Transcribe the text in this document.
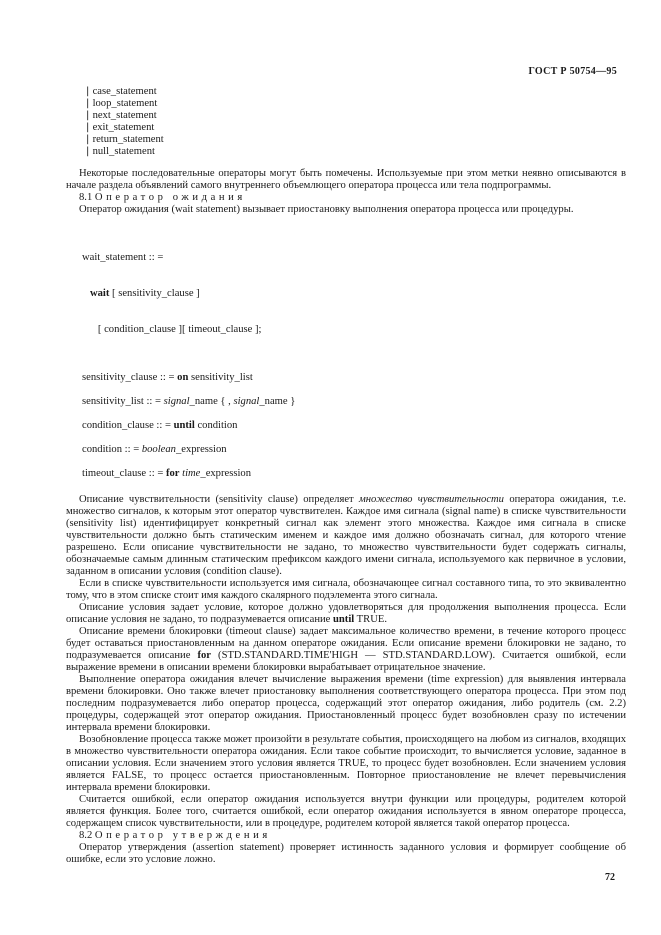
ГОСТ Р 50754—95
| case_statement
| loop_statement
| next_statement
| exit_statement
| return_statement
| null_statement

Некоторые последовательные операторы могут быть помечены. Используемые при этом метки неявно описываются в начале раздела объявлений самого внутреннего объемлющего оператора процесса или тела подпрограммы.

8.1 Оператор ожидания

Оператор ожидания (wait statement) вызывает приостановку выполнения оператора процесса или процедуры.

wait_statement :: =

wait [ sensitivity_clause ]

[ condition_clause ][ timeout_clause ];

sensitivity_clause :: = on sensitivity_list
sensitivity_list :: = signal_name { , signal_name }
condition_clause :: = until condition
condition :: = boolean_expression
timeout_clause :: = for time_expression

Описание чувствительности (sensitivity clause) определяет множество чувствительности оператора ожидания, т.е. множество сигналов, к которым этот оператор чувствителен. Каждое имя сигнала (signal name) в списке чувствительности (sensitivity list) идентифицирует конкретный сигнал как элемент этого множества. Каждое имя сигнала в списке чувствительности должно быть статическим именем и каждое имя должно обозначать сигнал, для которого чтение разрешено. Если описание чувствительности не задано, то множество чувствительности будет содержать сигналы, обозначаемые самым длинным статическим префиксом каждого имени сигнала, используемого как первичное в условии, заданном в описании условия (condition clause).

Если в списке чувствительности используется имя сигнала, обозначающее сигнал составного типа, то это эквивалентно тому, что в этом списке стоит имя каждого скалярного подэлемента этого сигнала.

Описание условия задает условие, которое должно удовлетворяться для продолжения выполнения процесса. Если описание условия не задано, то подразумевается описание until TRUE.

Описание времени блокировки (timeout clause) задает максимальное количество времени, в течение которого процесс будет оставаться приостановленным на данном операторе ожидания. Если описание времени блокировки не задано, то подразумевается описание for (STD.STANDARD.TIME'HIGH — STD.STANDARD.LOW). Считается ошибкой, если выражение времени в описании времени блокировки вырабатывает отрицательное значение.

Выполнение оператора ожидания влечет вычисление выражения времени (time expression) для выявления интервала времени блокировки. Оно также влечет приостановку выполнения соответствующего оператора процесса. При этом под последним подразумевается либо оператор процесса, содержащий этот оператор ожидания, либо родитель (см. 2.2) процедуры, содержащей этот оператор ожидания. Приостановленный процесс будет возобновлен сразу по истечении интервала времени блокировки.

Возобновление процесса также может произойти в результате события, происходящего на любом из сигналов, входящих в множество чувствительности оператора ожидания. Если такое событие происходит, то вычисляется условие, заданное в описании условия. Если значением этого условия является TRUE, то процесс будет возобновлен. Если значением условия является FALSE, то процесс остается приостановленным. Повторное приостановление не влечет перевычисления интервала времени блокировки.

Считается ошибкой, если оператор ожидания используется внутри функции или процедуры, родителем которой является функция. Более того, считается ошибкой, если оператор ожидания используется в явном операторе процесса, содержащем список чувствительности, или в процедуре, родителем которой является такой оператор процесса.

8.2 Оператор утверждения

Оператор утверждения (assertion statement) проверяет истинность заданного условия и формирует сообщение об ошибке, если это условие ложно.

72
